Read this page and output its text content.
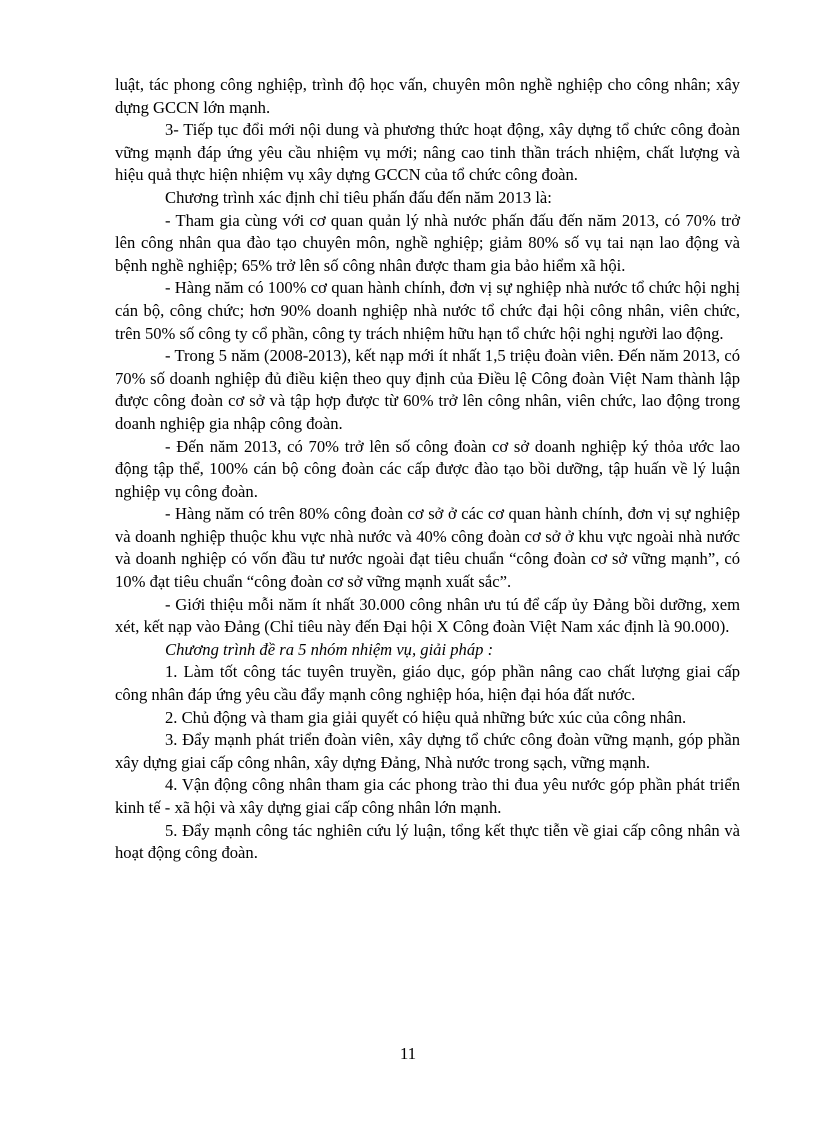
luật, tác phong công nghiệp, trình độ học vấn, chuyên môn nghề nghiệp cho công nhân; xây dựng GCCN lớn mạnh.

3- Tiếp tục đổi mới nội dung và phương thức hoạt động, xây dựng tổ chức công đoàn vững mạnh đáp ứng yêu cầu nhiệm vụ mới; nâng cao tinh thần trách nhiệm, chất lượng và hiệu quả thực hiện nhiệm vụ xây dựng GCCN của tổ chức công đoàn.

Chương trình xác định chỉ tiêu phấn đấu đến năm 2013 là:

- Tham gia cùng với cơ quan quản lý nhà nước phấn đấu đến năm 2013, có 70% trở lên công nhân qua đào tạo chuyên môn, nghề nghiệp; giảm 80% số vụ tai nạn lao động và bệnh nghề nghiệp; 65% trở lên số công nhân được tham gia bảo hiểm xã hội.

- Hàng năm có 100% cơ quan hành chính, đơn vị sự nghiệp nhà nước tổ chức hội nghị cán bộ, công chức; hơn 90% doanh nghiệp nhà nước tổ chức đại hội công nhân, viên chức, trên 50% số công ty cổ phần, công ty trách nhiệm hữu hạn tổ chức hội nghị người lao động.

- Trong 5 năm (2008-2013), kết nạp mới ít nhất 1,5 triệu đoàn viên. Đến năm 2013, có 70% số doanh nghiệp đủ điều kiện theo quy định của Điều lệ Công đoàn Việt Nam thành lập được công đoàn cơ sở và tập hợp được từ 60% trở lên công nhân, viên chức, lao động trong doanh nghiệp gia nhập công đoàn.

- Đến năm 2013, có 70% trở lên số công đoàn cơ sở doanh nghiệp ký thỏa ước lao động tập thể, 100% cán bộ công đoàn các cấp được đào tạo bồi dưỡng, tập huấn về lý luận nghiệp vụ công đoàn.

- Hàng năm có trên 80% công đoàn cơ sở ở các cơ quan hành chính, đơn vị sự nghiệp và doanh nghiệp thuộc khu vực nhà nước và 40% công đoàn cơ sở ở khu vực ngoài nhà nước và doanh nghiệp có vốn đầu tư nước ngoài đạt tiêu chuẩn “công đoàn cơ sở vững mạnh”, có 10% đạt tiêu chuẩn “công đoàn cơ sở vững mạnh xuất sắc”.

- Giới thiệu mỗi năm ít nhất 30.000 công nhân ưu tú để cấp ủy Đảng bồi dưỡng, xem xét, kết nạp vào Đảng (Chỉ tiêu này đến Đại hội X Công đoàn Việt Nam xác định là 90.000).

Chương trình đề ra 5 nhóm nhiệm vụ, giải pháp :

1. Làm tốt công tác tuyên truyền, giáo dục, góp phần nâng cao chất lượng giai cấp công nhân đáp ứng yêu cầu đẩy mạnh công nghiệp hóa, hiện đại hóa đất nước.

2. Chủ động và tham gia giải quyết có hiệu quả những bức xúc của công nhân.

3. Đẩy mạnh phát triển đoàn viên, xây dựng tổ chức công đoàn vững mạnh, góp phần xây dựng giai cấp công nhân, xây dựng Đảng, Nhà nước trong sạch, vững mạnh.

4. Vận động công nhân tham gia các phong trào thi đua yêu nước góp phần phát triển kinh tế - xã hội và xây dựng giai cấp công nhân lớn mạnh.

5. Đẩy mạnh công tác nghiên cứu lý luận, tổng kết thực tiễn về giai cấp công nhân và hoạt động công đoàn.

11
